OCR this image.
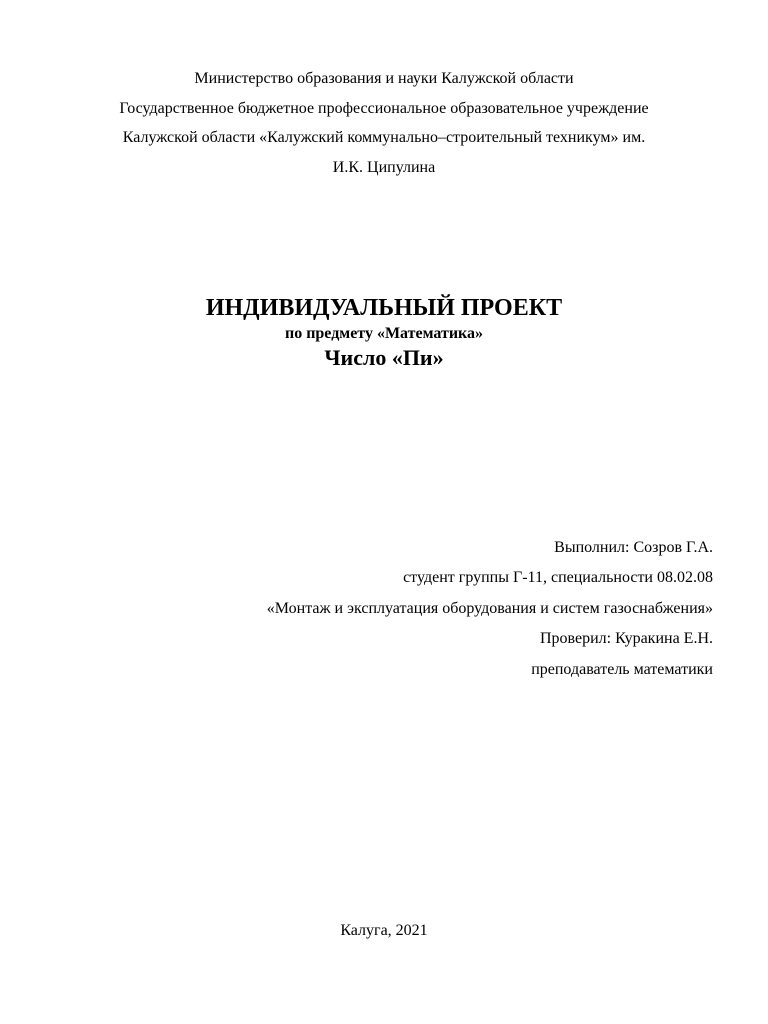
Министерство образования и науки Калужской области
Государственное бюджетное профессиональное образовательное учреждение
Калужской области «Калужский коммунально–строительный техникум» им.
И.К. Ципулина
ИНДИВИДУАЛЬНЫЙ ПРОЕКТ
по предмету «Математика»
Число «Пи»
Выполнил: Созров Г.А.
студент группы Г-11, специальности 08.02.08
«Монтаж и эксплуатация оборудования и систем газоснабжения»
Проверил: Куракина Е.Н.
преподаватель математики
Калуга, 2021
